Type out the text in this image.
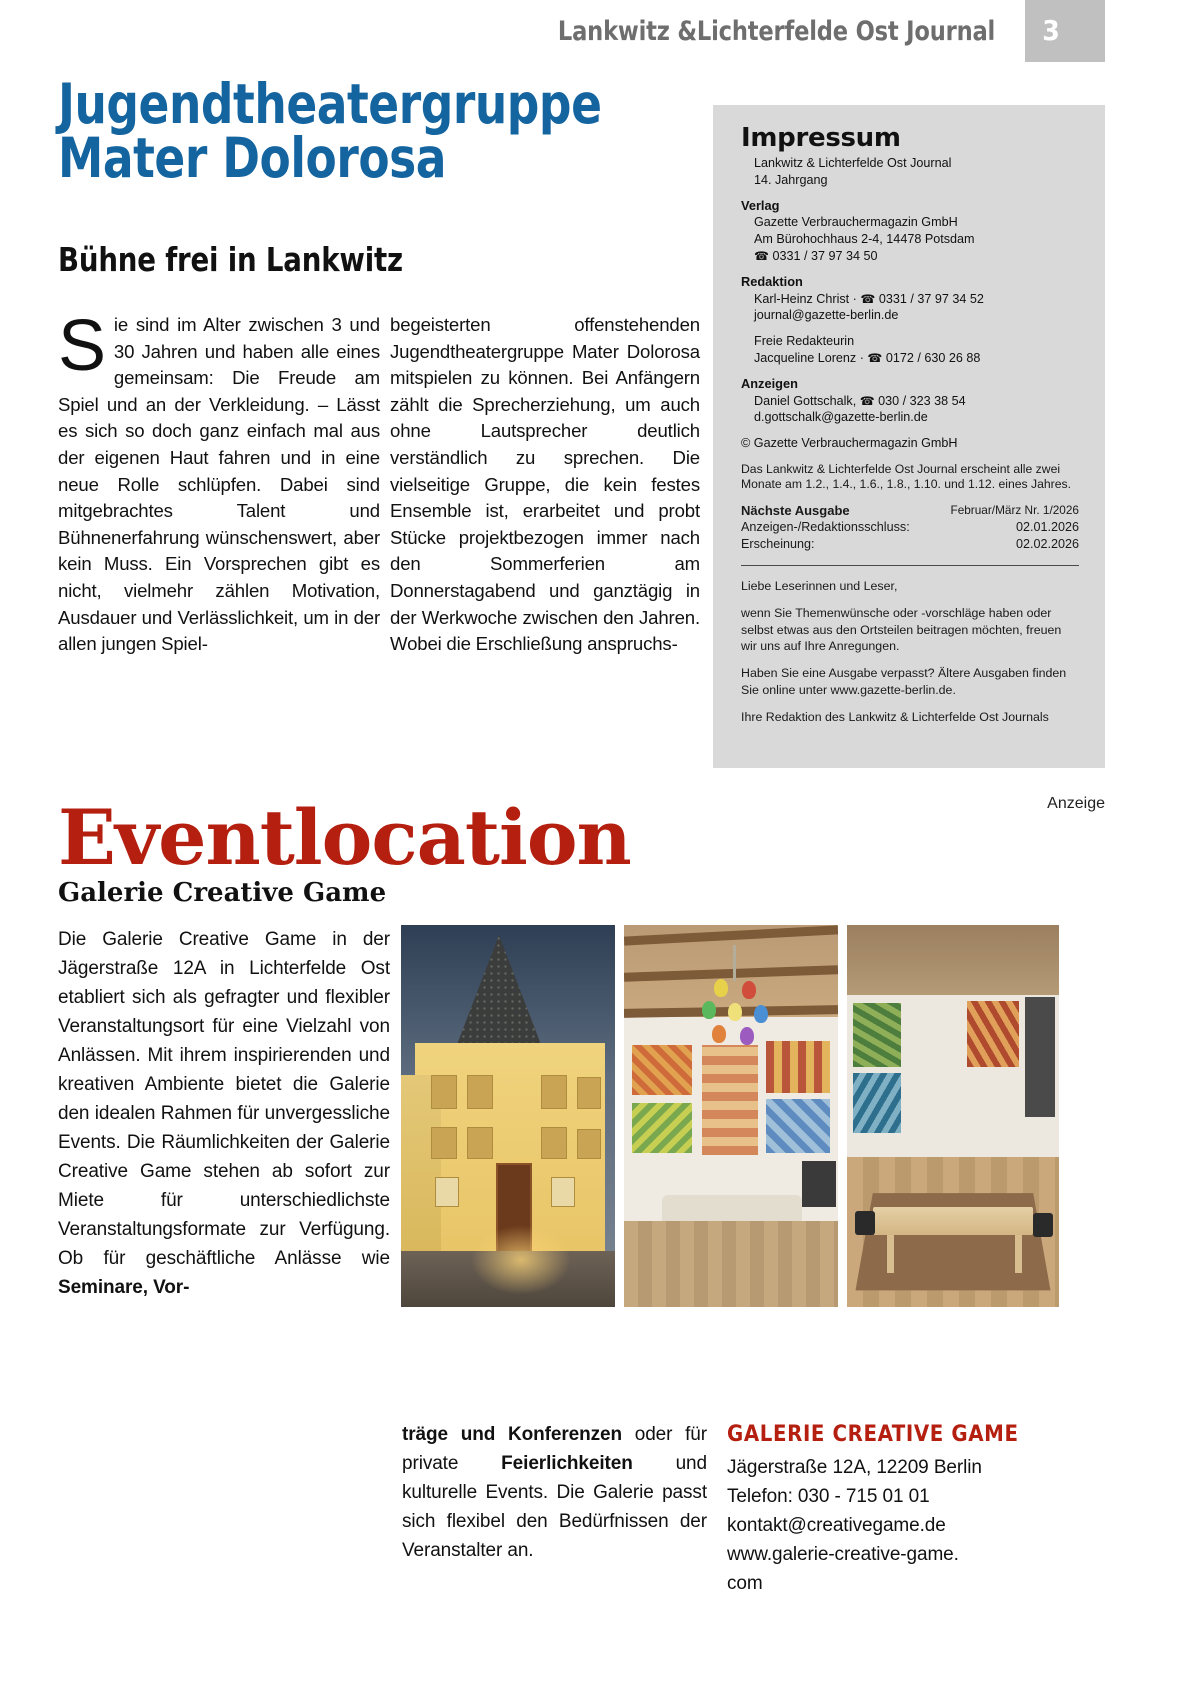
Lankwitz &Lichterfelde Ost Journal	3
Jugendtheatergruppe
Mater Dolorosa
Bühne frei in Lankwitz
Sie sind im Alter zwischen 3 und 30 Jahren und haben alle eines gemeinsam: Die Freude am Spiel und an der Verkleidung. – Lässt es sich so doch ganz einfach mal aus der eigenen Haut fahren und in eine neue Rolle schlüpfen. Dabei sind mitgebrachtes Talent und Bühnenerfahrung wünschenswert, aber kein Muss. Ein Vorsprechen gibt es nicht, vielmehr zählen Motivation, Ausdauer und Verlässlichkeit, um in der allen jungen Spiel-
begeisterten offenstehenden Jugendtheatergruppe Mater Dolorosa mitspielen zu können. Bei Anfängern zählt die Sprecherziehung, um auch ohne Lautsprecher deutlich verständlich zu sprechen. Die vielseitige Gruppe, die kein festes Ensemble ist, erarbeitet und probt Stücke projektbezogen immer nach den Sommerferien am Donnerstagabend und ganztägig in der Werkwoche zwischen den Jahren. Wobei die Erschließung anspruchs-
Impressum
Lankwitz & Lichterfelde Ost Journal
14. Jahrgang
Verlag
Gazette Verbrauchermagazin GmbH
Am Bürohochhaus 2-4, 14478 Potsdam
☎ 0331 / 37 97 34 50
Redaktion
Karl-Heinz Christ · ☎ 0331 / 37 97 34 52
journal@gazette-berlin.de
Freie Redakteurin
Jacqueline Lorenz · ☎ 0172 / 630 26 88
Anzeigen
Daniel Gottschalk, ☎ 030 / 323 38 54
d.gottschalk@gazette-berlin.de
© Gazette Verbrauchermagazin GmbH
Das Lankwitz & Lichterfelde Ost Journal erscheint alle zwei Monate am 1.2., 1.4., 1.6., 1.8., 1.10. und 1.12. eines Jahres.
Nächste Ausgabe	Februar/März Nr. 1/2026
Anzeigen-/Redaktionsschluss:	02.01.2026
Erscheinung:	02.02.2026

Liebe Leserinnen und Leser,

wenn Sie Themenwünsche oder -vorschläge haben oder selbst etwas aus den Ortsteilen beitragen möchten, freuen wir uns auf Ihre Anregungen.

Haben Sie eine Ausgabe verpasst? Ältere Ausgaben finden Sie online unter www.gazette-berlin.de.

Ihre Redaktion des Lankwitz & Lichterfelde Ost Journals

Anzeige
Eventlocation
Galerie Creative Game
Die Galerie Creative Game in der Jägerstraße 12A in Lichterfelde Ost etabliert sich als gefragter und flexibler Veranstaltungsort für eine Vielzahl von Anlässen. Mit ihrem inspirierenden und kreativen Ambiente bietet die Galerie den idealen Rahmen für unvergessliche Events. Die Räumlichkeiten der Galerie Creative Game stehen ab sofort zur Miete für unterschiedlichste Veranstaltungsformate zur Verfügung. Ob für geschäftliche Anlässe wie Seminare, Vor-
träge und Konferenzen oder für private Feierlichkeiten und kulturelle Events. Die Galerie passt sich flexibel den Bedürfnissen der Veranstalter an.
GALERIE CREATIVE GAME
Jägerstraße 12A, 12209 Berlin
Telefon: 030 - 715 01 01
kontakt@creativegame.de
www.galerie-creative-game.
com
